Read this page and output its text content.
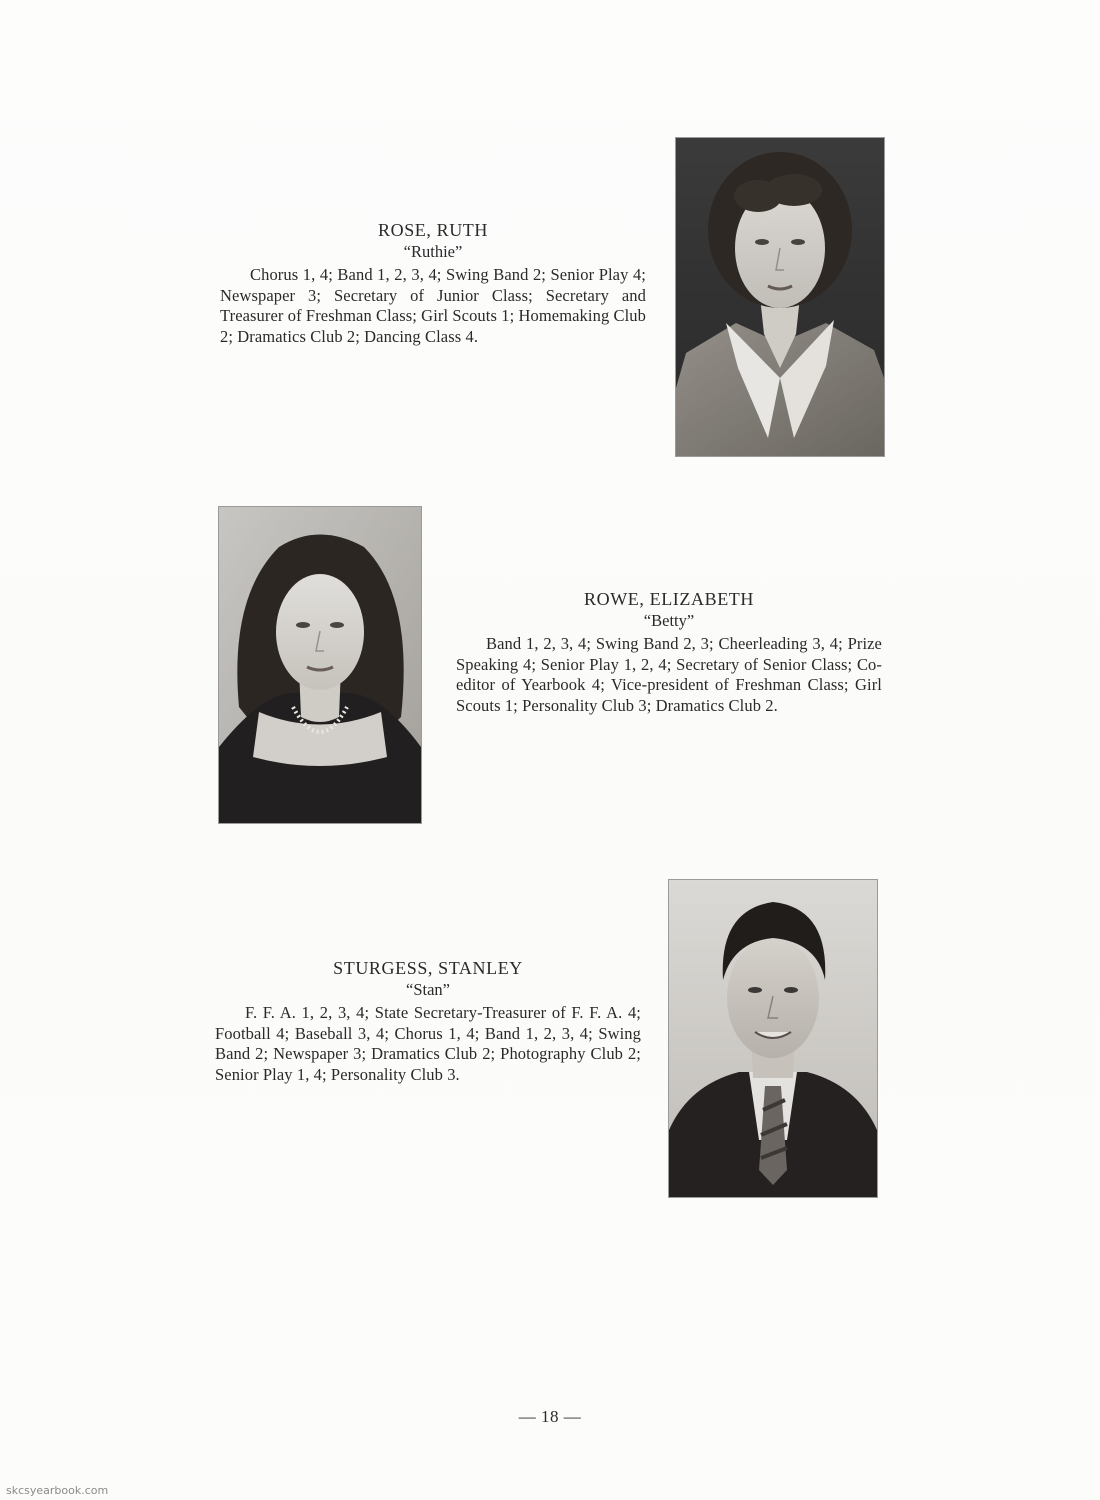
ROSE, RUTH
“Ruthie”

Chorus 1, 4; Band 1, 2, 3, 4; Swing Band 2; Senior Play 4; Newspaper 3; Secretary of Junior Class; Secretary and Treasurer of Freshman Class; Girl Scouts 1; Homemaking Club 2; Dramatics Club 2; Dancing Class 4.

ROWE, ELIZABETH
“Betty”

Band 1, 2, 3, 4; Swing Band 2, 3; Cheerleading 3, 4; Prize Speaking 4; Senior Play 1, 2, 4; Secretary of Senior Class; Co-editor of Yearbook 4; Vice-president of Freshman Class; Girl Scouts 1; Personality Club 3; Dramatics Club 2.

STURGESS, STANLEY
“Stan”

F. F. A. 1, 2, 3, 4; State Secretary-Treasurer of F. F. A. 4; Football 4; Baseball 3, 4; Chorus 1, 4; Band 1, 2, 3, 4; Swing Band 2; Newspaper 3; Dramatics Club 2; Photography Club 2; Senior Play 1, 4; Personality Club 3.

— 18 —
skcsyearbook.com
